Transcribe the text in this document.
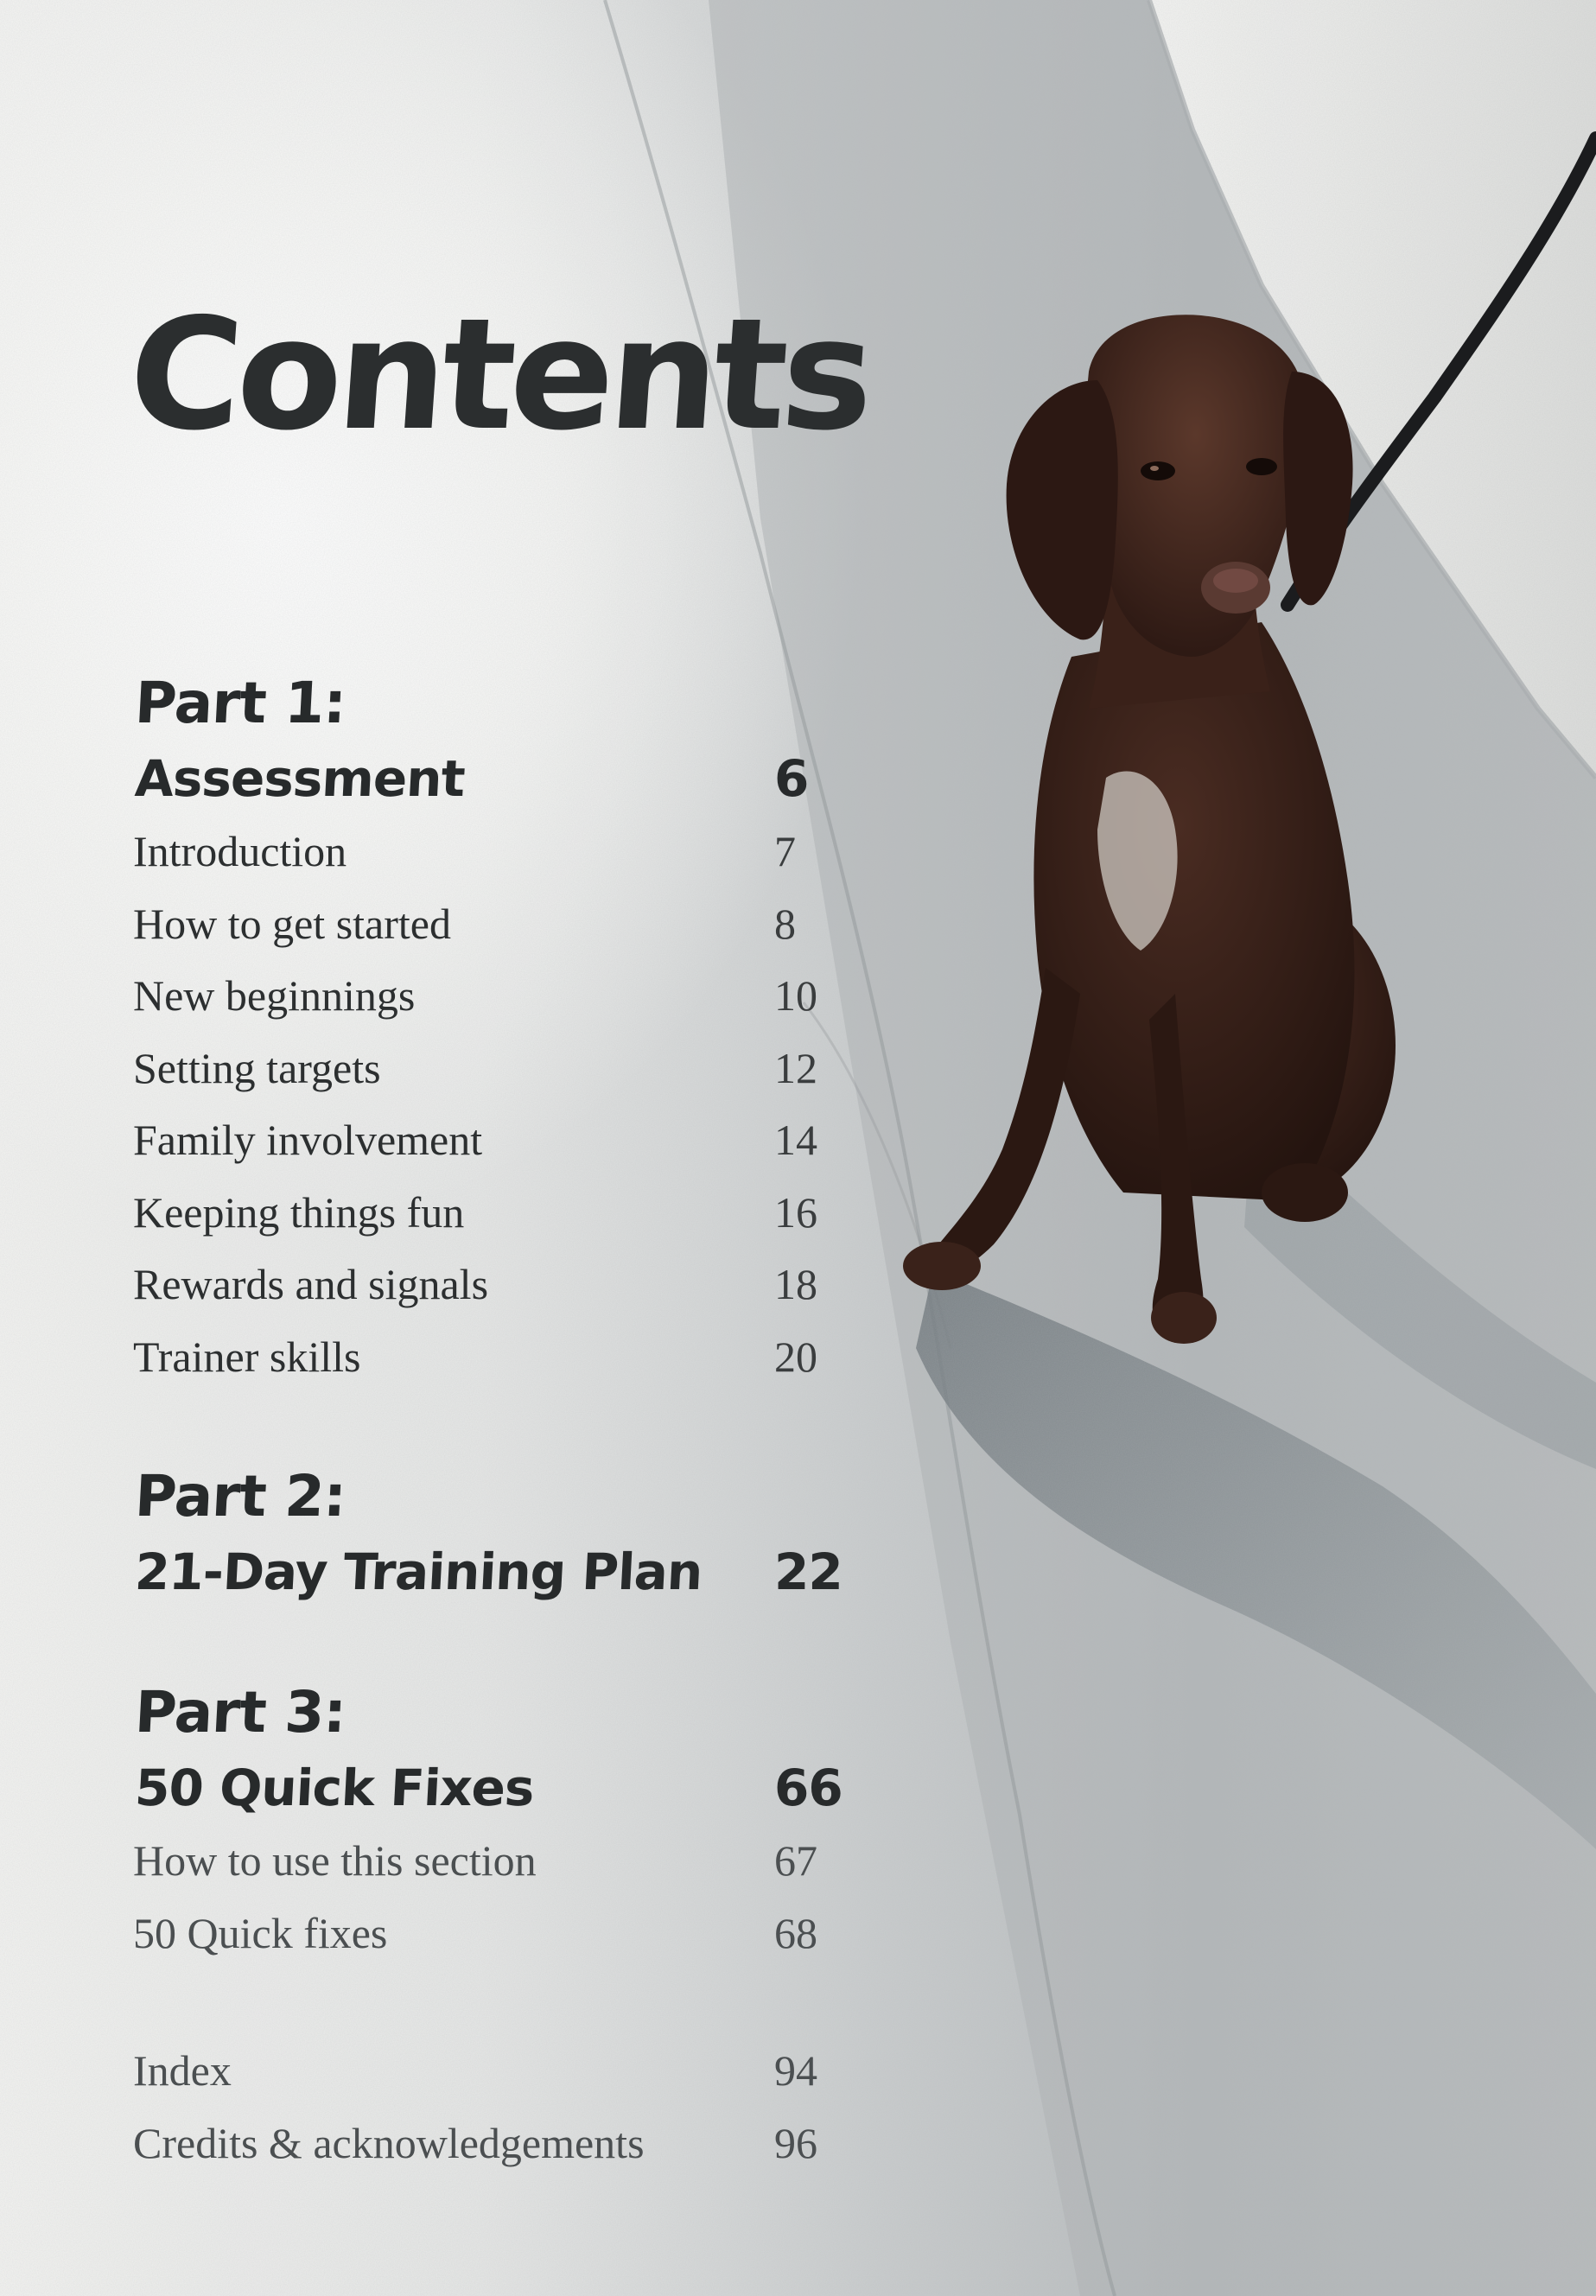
Contents
Part 1:
Assessment	6
Introduction	7
How to get started	8
New beginnings	10
Setting targets	12
Family involvement	14
Keeping things fun	16
Rewards and signals	18
Trainer skills	20
Part 2:
21-Day Training Plan 22
Part 3:
50 Quick Fixes	66
How to use this section	67
50 Quick fixes	68
Index	94
Credits & acknowledgements	96
